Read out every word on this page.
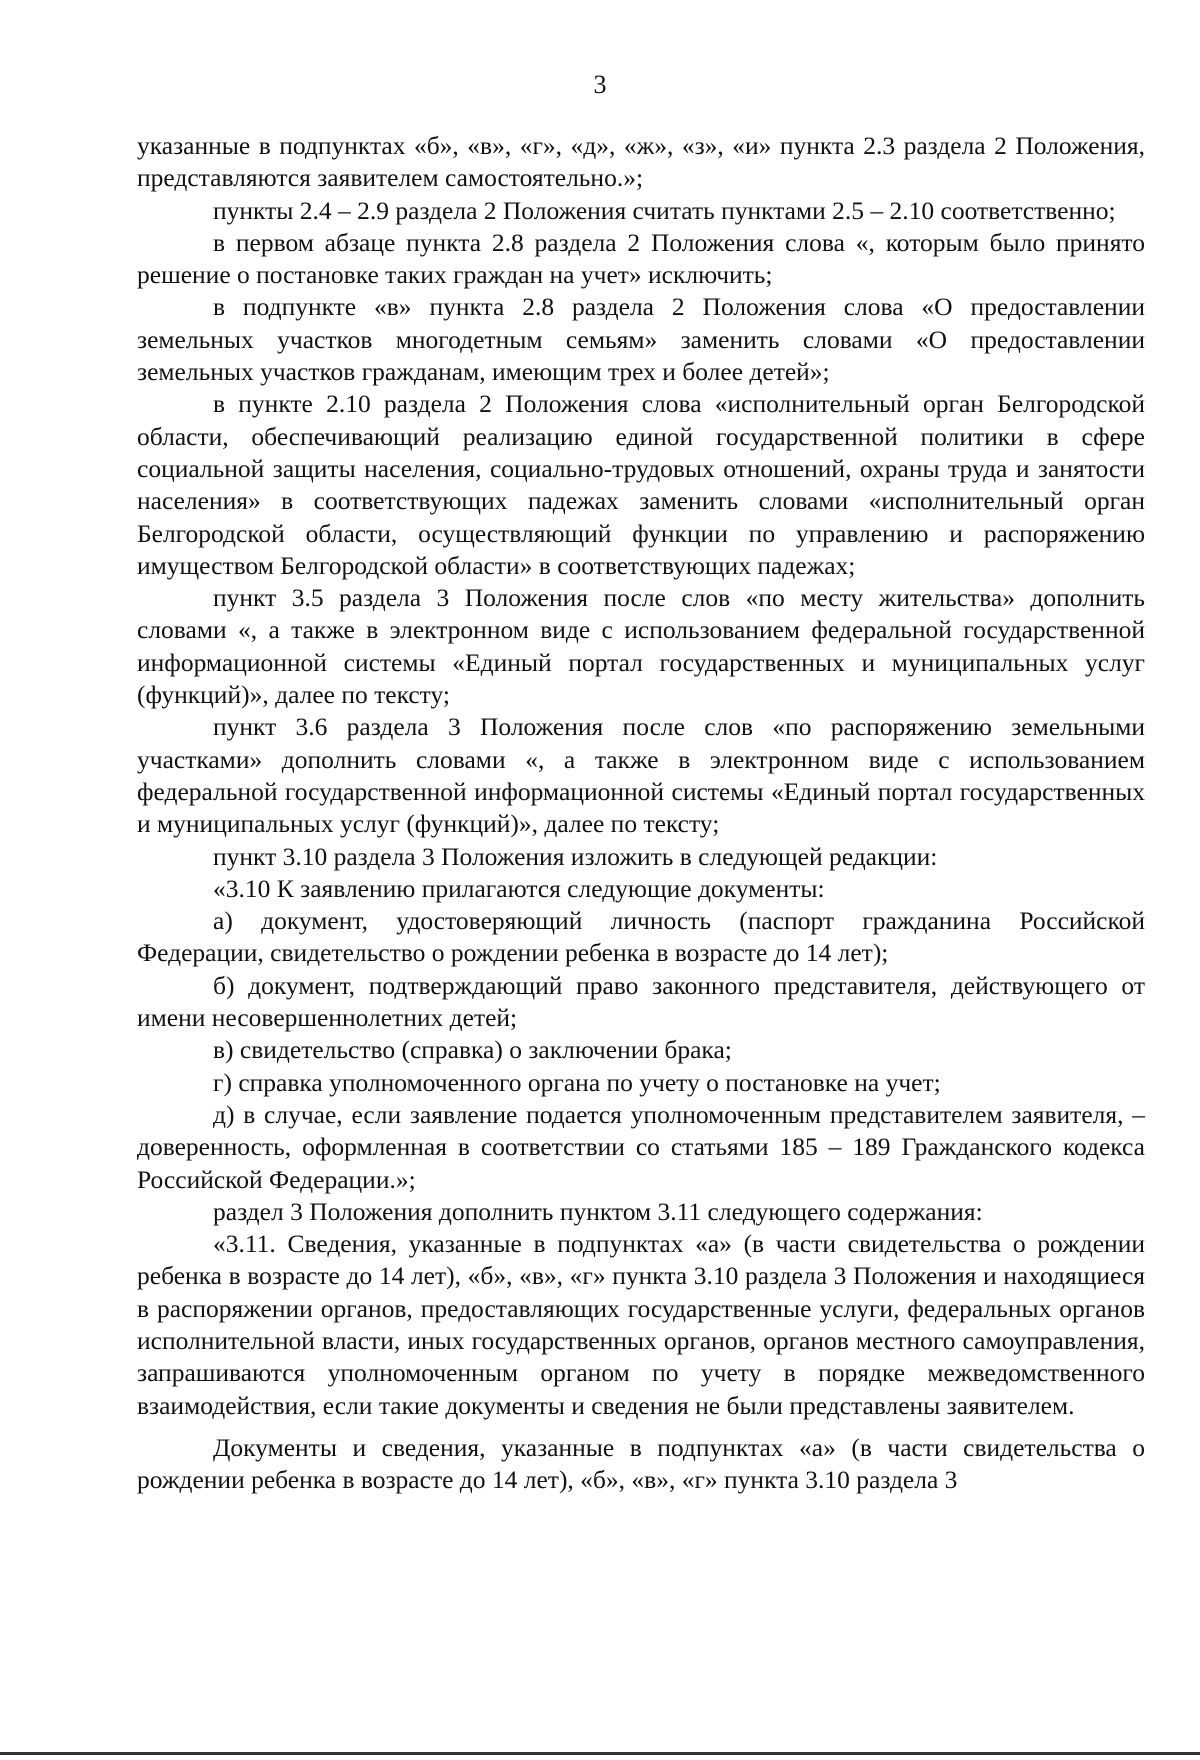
3

указанные в подпунктах «б», «в», «г», «д», «ж», «з», «и» пункта 2.3 раздела 2 Положения, представляются заявителем самостоятельно.»;

пункты 2.4 – 2.9 раздела 2 Положения считать пунктами 2.5 – 2.10 соответственно;

в первом абзаце пункта 2.8 раздела 2 Положения слова «, которым было принято решение о постановке таких граждан на учет» исключить;

в подпункте «в» пункта 2.8 раздела 2 Положения слова «О предоставлении земельных участков многодетным семьям» заменить словами «О предоставлении земельных участков гражданам, имеющим трех и более детей»;

в пункте 2.10 раздела 2 Положения слова «исполнительный орган Белгородской области, обеспечивающий реализацию единой государственной политики в сфере социальной защиты населения, социально-трудовых отношений, охраны труда и занятости населения» в соответствующих падежах заменить словами «исполнительный орган Белгородской области, осуществляющий функции по управлению и распоряжению имуществом Белгородской области» в соответствующих падежах;

пункт 3.5 раздела 3 Положения после слов «по месту жительства» дополнить словами «, а также в электронном виде с использованием федеральной государственной информационной системы «Единый портал государственных и муниципальных услуг (функций)», далее по тексту;

пункт 3.6 раздела 3 Положения после слов «по распоряжению земельными участками» дополнить словами «, а также в электронном виде с использованием федеральной государственной информационной системы «Единый портал государственных и муниципальных услуг (функций)», далее по тексту;

пункт 3.10 раздела 3 Положения изложить в следующей редакции:

«3.10 К заявлению прилагаются следующие документы:

а) документ, удостоверяющий личность (паспорт гражданина Российской Федерации, свидетельство о рождении ребенка в возрасте до 14 лет);

б) документ, подтверждающий право законного представителя, действующего от имени несовершеннолетних детей;

в) свидетельство (справка) о заключении брака;

г) справка уполномоченного органа по учету о постановке на учет;

д) в случае, если заявление подается уполномоченным представителем заявителя, – доверенность, оформленная в соответствии со статьями 185 – 189 Гражданского кодекса Российской Федерации.»;

раздел 3 Положения дополнить пунктом 3.11 следующего содержания:

«3.11. Сведения, указанные в подпунктах «а» (в части свидетельства о рождении ребенка в возрасте до 14 лет), «б», «в», «г» пункта 3.10 раздела 3 Положения и находящиеся в распоряжении органов, предоставляющих государственные услуги, федеральных органов исполнительной власти, иных государственных органов, органов местного самоуправления, запрашиваются уполномоченным органом по учету в порядке межведомственного взаимодействия, если такие документы и сведения не были представлены заявителем.

Документы и сведения, указанные в подпунктах «а» (в части свидетельства о рождении ребенка в возрасте до 14 лет), «б», «в», «г» пункта 3.10 раздела 3
